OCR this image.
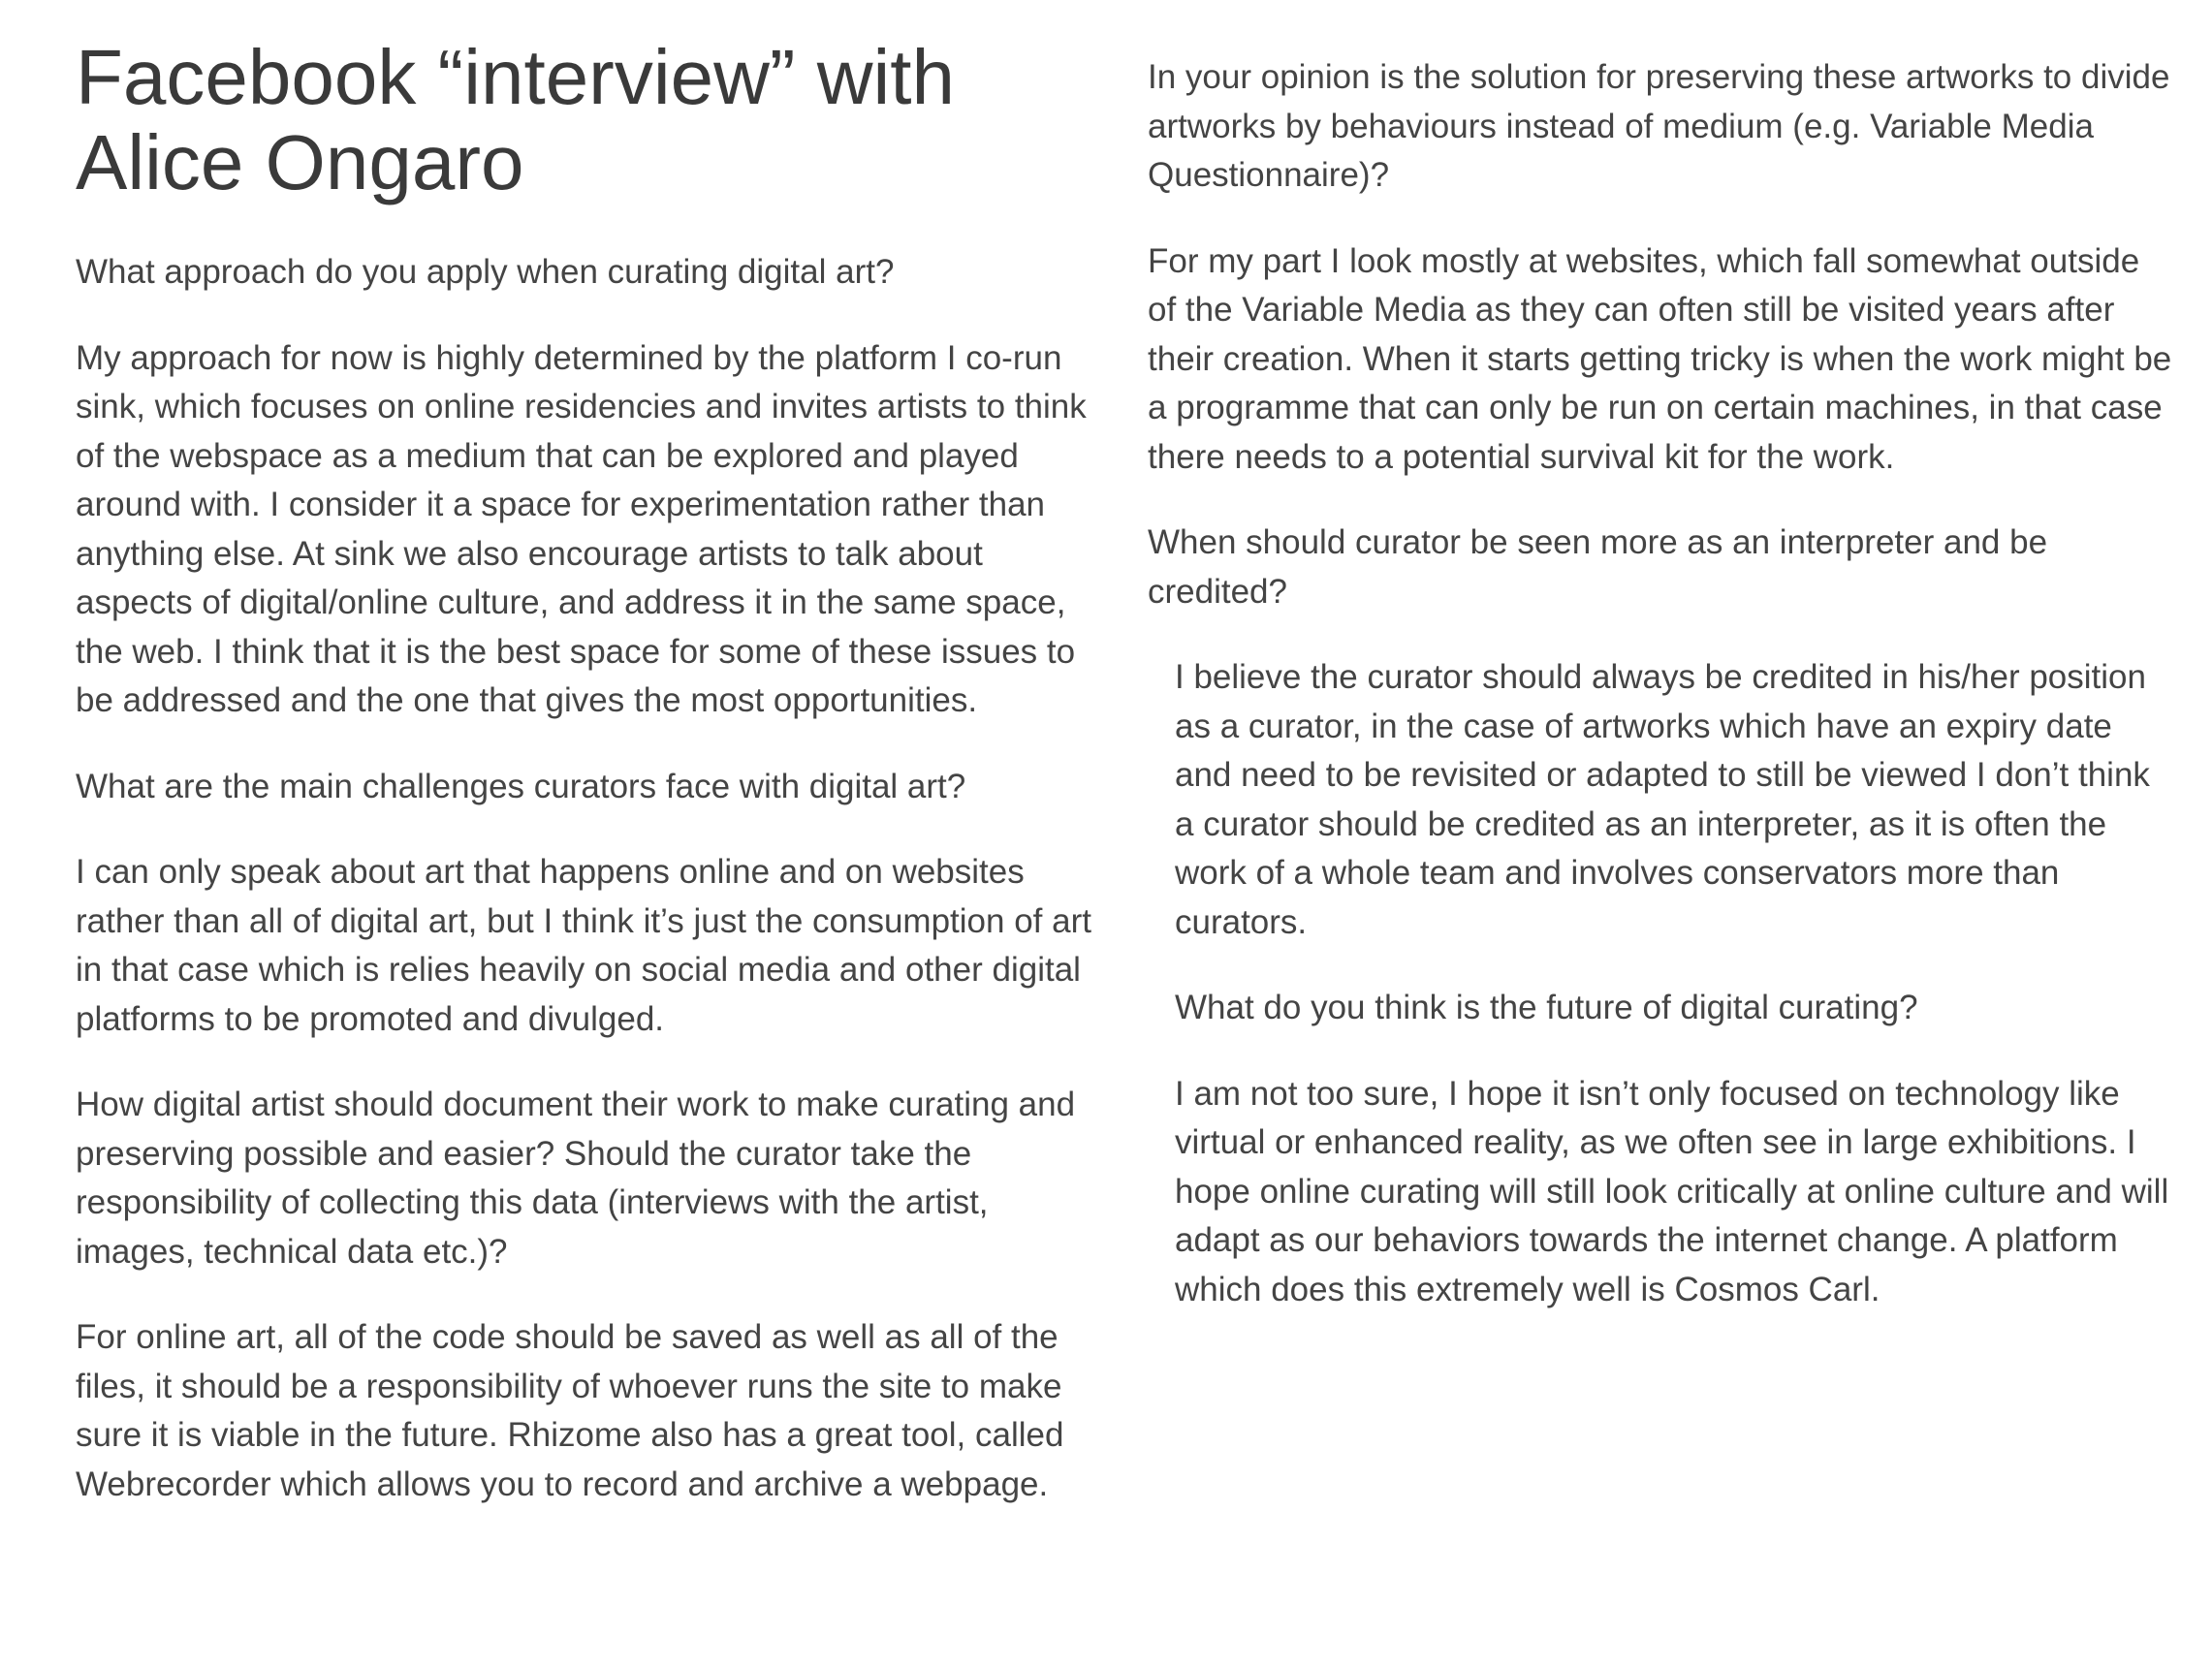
Facebook “interview” with Alice Ongaro

What approach do you apply when curating digital art?

My approach for now is highly determined by the platform I co-run sink, which focuses on online residencies and invites artists to think of the webspace as a medium that can be explored and played around with. I consider it a space for experimentation rather than anything else. At sink we also encourage artists to talk about aspects of digital/online culture, and address it in the same space, the web. I think that it is the best space for some of these issues to be addressed and the one that gives the most opportunities.

What are the main challenges curators face with digital art?

I can only speak about art that happens online and on websites rather than all of digital art, but I think it’s just the consumption of art in that case which is relies heavily on social media and other digital platforms to be promoted and divulged.

How digital artist should document their work to make curating and preserving possible and easier? Should the curator take the responsibility of collecting this data (interviews with the artist, images, technical data etc.)?

For online art, all of the code should be saved as well as all of the files, it should be a responsibility of whoever runs the site to make sure it is viable in the future. Rhizome also has a great tool, called Webrecorder which allows you to record and archive a webpage.

In your opinion is the solution for preserving these artworks to divide artworks by behaviours instead of medium (e.g. Variable Media Questionnaire)?

For my part I look mostly at websites, which fall somewhat outside of the Variable Media as they can often still be visited years after their creation. When it starts getting tricky is when the work might be a programme that can only be run on certain machines, in that case there needs to a potential survival kit for the work.

When should curator be seen more as an interpreter and be credited?

I believe the curator should always be credited in his/her position as a curator, in the case of artworks which have an expiry date and need to be revisited or adapted to still be viewed I don’t think a curator should be credited as an interpreter, as it is often the work of a whole team and involves conservators more than curators.

What do you think is the future of digital curating?

I am not too sure, I hope it isn’t only focused on technology like virtual or enhanced reality, as we often see in large exhibitions. I hope online curating will still look critically at online culture and will adapt as our behaviors towards the internet change. A platform which does this extremely well is Cosmos Carl.
